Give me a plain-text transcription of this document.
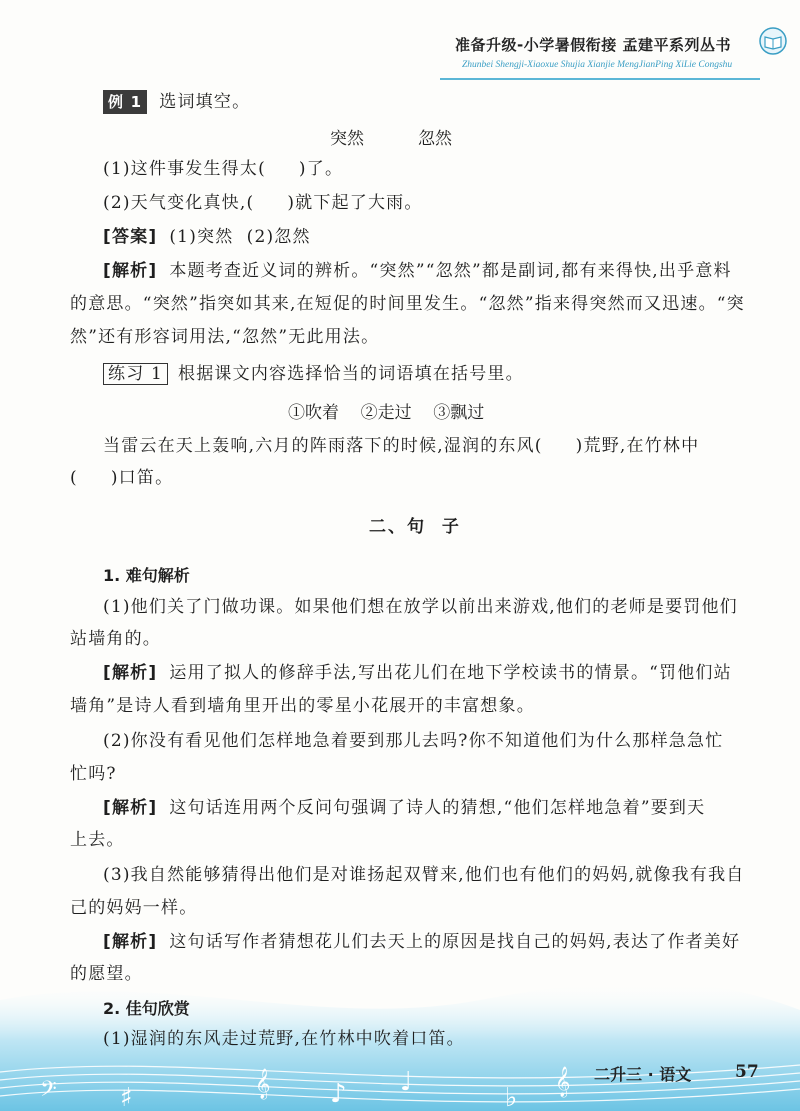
准备升级-小学暑假衔接 孟建平系列丛书
Zhunbei Shengji-Xiaoxue Shujia Xianjie MengJianPing XiLie Congshu
例 1 选词填空。
突然          忽然
(1)这件事发生得太(     )了。
(2)天气变化真快,(     )就下起了大雨。
[答案] (1)突然  (2)忽然
[解析] 本题考查近义词的辨析。“突然”“忽然”都是副词,都有来得快,出乎意料
的意思。“突然”指突如其来,在短促的时间里发生。“忽然”指来得突然而又迅速。“突
然”还有形容词用法,“忽然”无此用法。
练习 1 根据课文内容选择恰当的词语填在括号里。
①吹着    ②走过    ③飘过
当雷云在天上轰响,六月的阵雨落下的时候,湿润的东风(     )荒野,在竹林中
(     )口笛。
二、句  子
1. 难句解析
(1)他们关了门做功课。如果他们想在放学以前出来游戏,他们的老师是要罚他们
站墙角的。
[解析] 运用了拟人的修辞手法,写出花儿们在地下学校读书的情景。“罚他们站
墙角”是诗人看到墙角里开出的零星小花展开的丰富想象。
(2)你没有看见他们怎样地急着要到那儿去吗?你不知道他们为什么那样急急忙
忙吗?
[解析] 这句话连用两个反问句强调了诗人的猜想,“他们怎样地急着”要到天
上去。
(3)我自然能够猜得出他们是对谁扬起双臂来,他们也有他们的妈妈,就像我有我自
己的妈妈一样。
[解析] 这句话写作者猜想花儿们去天上的原因是找自己的妈妈,表达了作者美好
的愿望。
𝄢 ♯	𝄞 ♪ ♩
♭
𝄞
(1)湿润的东风走过荒野,在竹林中吹着口笛。
2. 佳句欣赏
二升三 · 语文	57
